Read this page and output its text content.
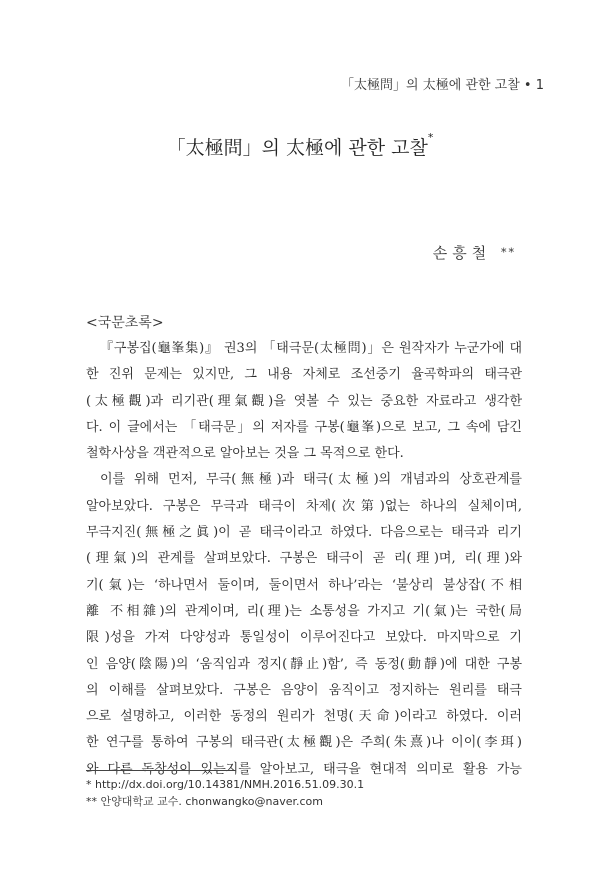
「太極問」의 太極에 관한 고찰 • 1
「太極問」의 太極에 관한 고찰*
손흥철 **
<국문초록>
『구봉집(龜峯集)』 권3의 「태극문(太極問)」은 원작자가 누군가에 대
한 진위 문제는 있지만, 그 내용 자체로 조선중기 율곡학파의 태극관
(太極觀)과 리기관(理氣觀)을 엿볼 수 있는 중요한 자료라고 생각한
다. 이 글에서는 「태극문」의 저자를 구봉(龜峯)으로 보고, 그 속에 담긴
철학사상을 객관적으로 알아보는 것을 그 목적으로 한다.
이를 위해 먼저, 무극(無極)과 태극(太極)의 개념과의 상호관계를
알아보았다. 구봉은 무극과 태극이 차제(次第)없는 하나의 실체이며,
무극지진(無極之眞)이 곧 태극이라고 하였다. 다음으로는 태극과 리기
(理氣)의 관계를 살펴보았다. 구봉은 태극이 곧 리(理)며, 리(理)와
기(氣)는 ‘하나면서 둘이며, 둘이면서 하나’라는 ‘불상리 불상잡(不相
離 不相雜)의 관계이며, 리(理)는 소통성을 가지고 기(氣)는 국한(局
限)성을 가져 다양성과 통일성이 이루어진다고 보았다. 마지막으로 기
인 음양(陰陽)의 ‘움직임과 정지(靜止)함’, 즉 동정(動靜)에 대한 구봉
의 이해를 살펴보았다. 구봉은 음양이 움직이고 정지하는 원리를 태극
으로 설명하고, 이러한 동정의 원리가 천명(天命)이라고 하였다. 이러
한 연구를 통하여 구봉의 태극관(太極觀)은 주희(朱熹)나 이이(李珥)
와 다른 독창성이 있는지를 알아보고, 태극을 현대적 의미로 활용 가능
* http://dx.doi.org/10.14381/NMH.2016.51.09.30.1
** 안양대학교 교수. chonwangko@naver.com
